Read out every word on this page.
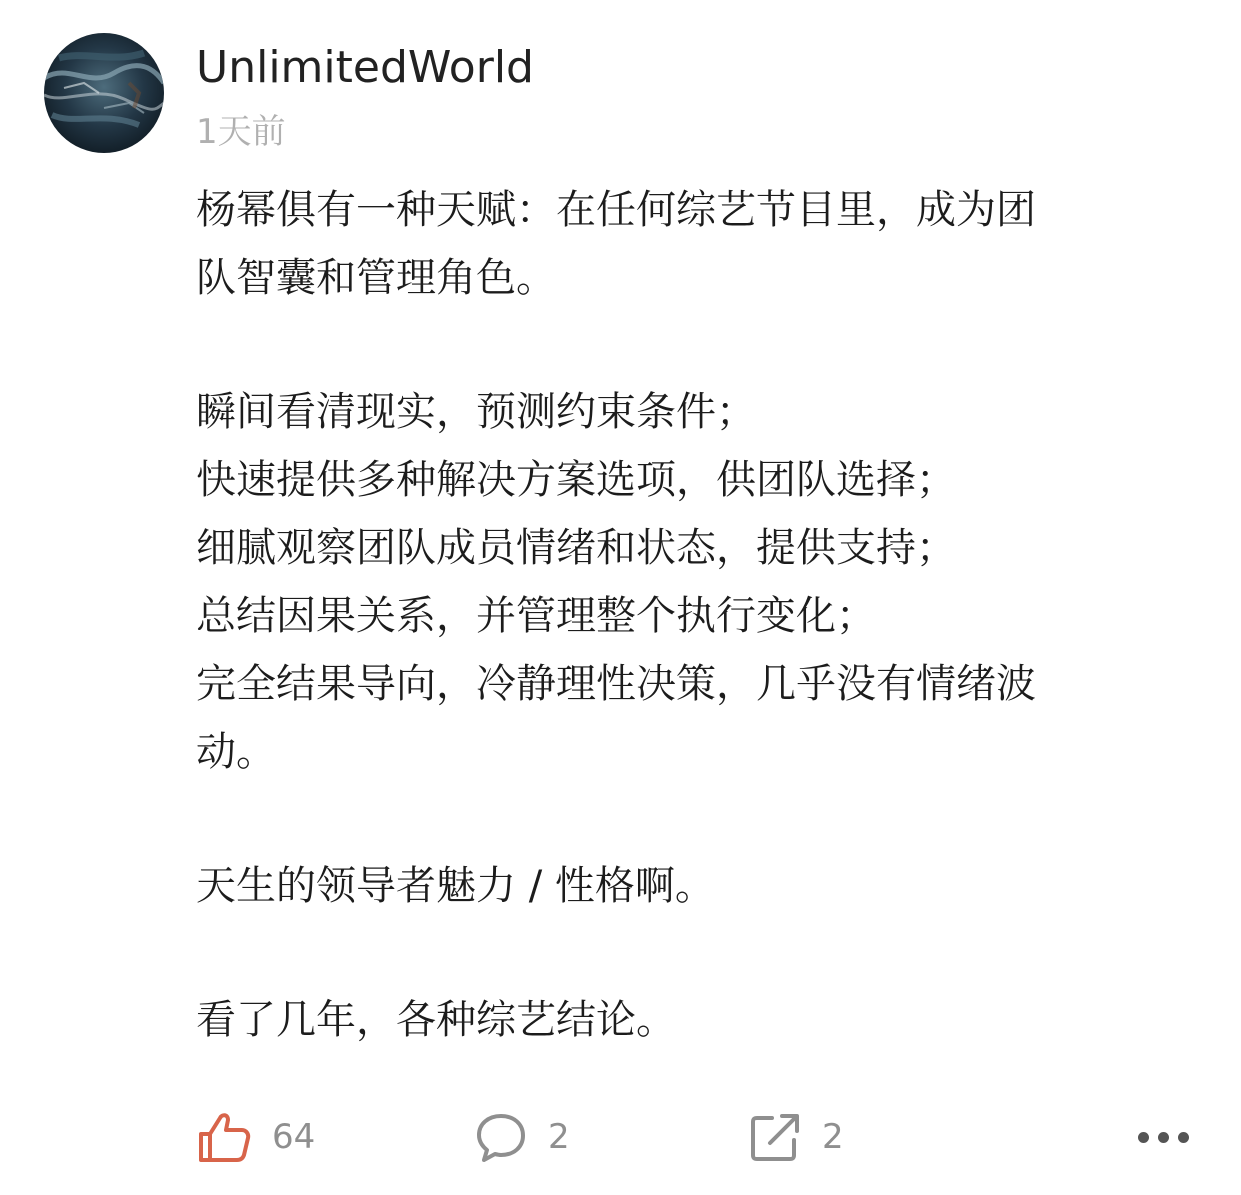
UnlimitedWorld
1天前
杨幂俱有一种天赋：在任何综艺节目里，成为团
队智囊和管理角色。
瞬间看清现实，预测约束条件；
快速提供多种解决方案选项，供团队选择；
细腻观察团队成员情绪和状态，提供支持；
总结因果关系，并管理整个执行变化；
完全结果导向，冷静理性决策，几乎没有情绪波
动。
天生的领导者魅力 / 性格啊。
看了几年，各种综艺结论。
64	2	2
